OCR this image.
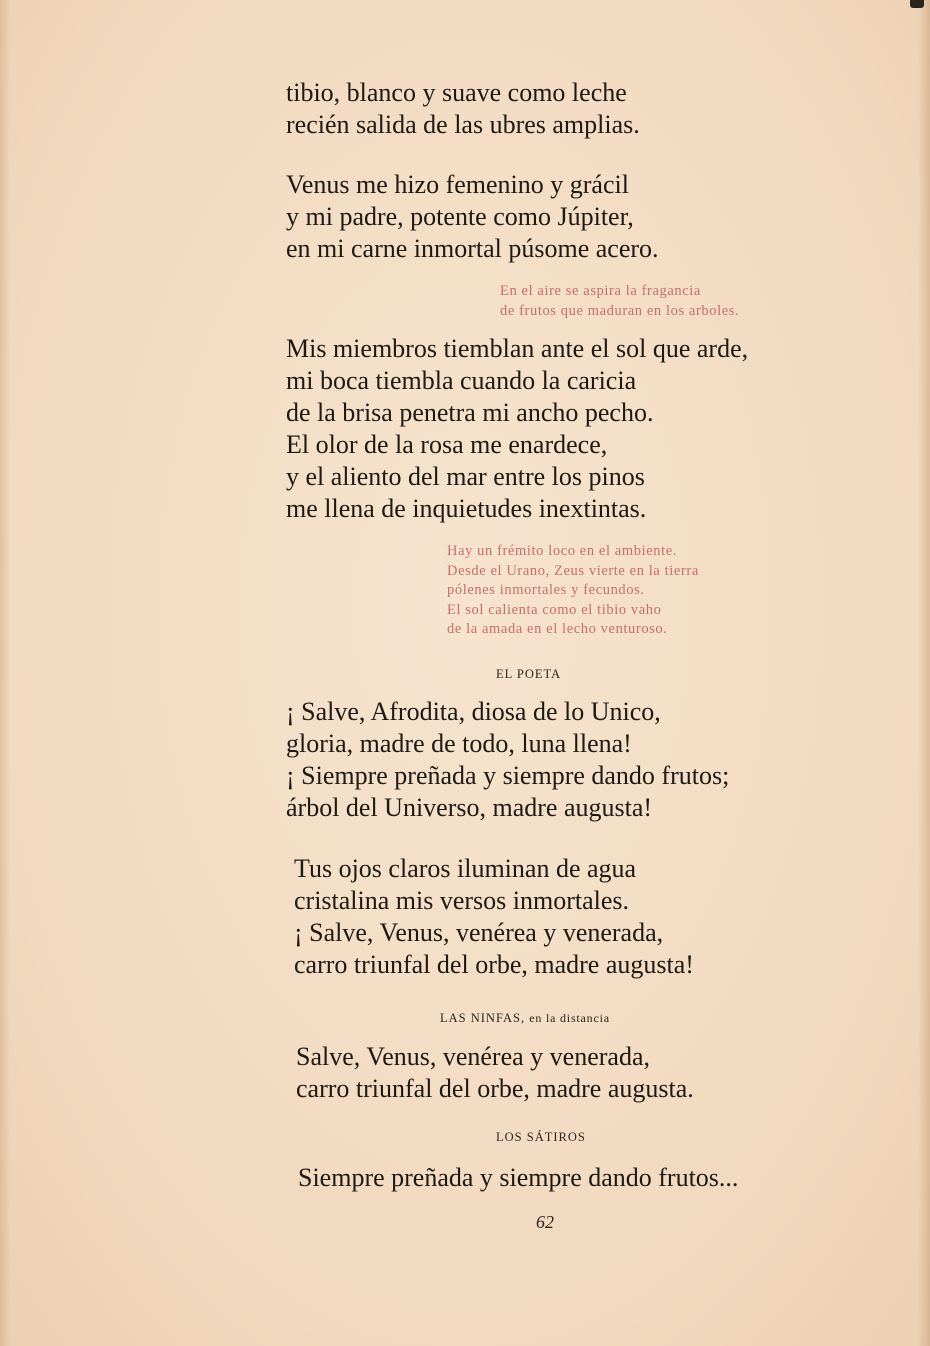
tibio, blanco y suave como leche
recién salida de las ubres amplias.
Venus me hizo femenino y grácil
y mi padre, potente como Júpiter,
en mi carne inmortal púsome acero.
En el aire se aspira la fragancia
de frutos que maduran en los arboles.
Mis miembros tiemblan ante el sol que arde,
mi boca tiembla cuando la caricia
de la brisa penetra mi ancho pecho.
El olor de la rosa me enardece,
y el aliento del mar entre los pinos
me llena de inquietudes inextintas.
Hay un frémito loco en el ambiente.
Desde el Urano, Zeus vierte en la tierra
pólenes inmortales y fecundos.
El sol calienta como el tibio vaho
de la amada en el lecho venturoso.
EL POETA
¡ Salve, Afrodita, diosa de lo Unico,
gloria, madre de todo, luna llena!
¡ Siempre preñada y siempre dando frutos;
árbol del Universo, madre augusta!
Tus ojos claros iluminan de agua
cristalina mis versos inmortales.
¡ Salve, Venus, venérea y venerada,
carro triunfal del orbe, madre augusta!
LAS NINFAS, en la distancia
Salve, Venus, venérea y venerada,
carro triunfal del orbe, madre augusta.
LOS SÁTIROS
Siempre preñada y siempre dando frutos...
62
